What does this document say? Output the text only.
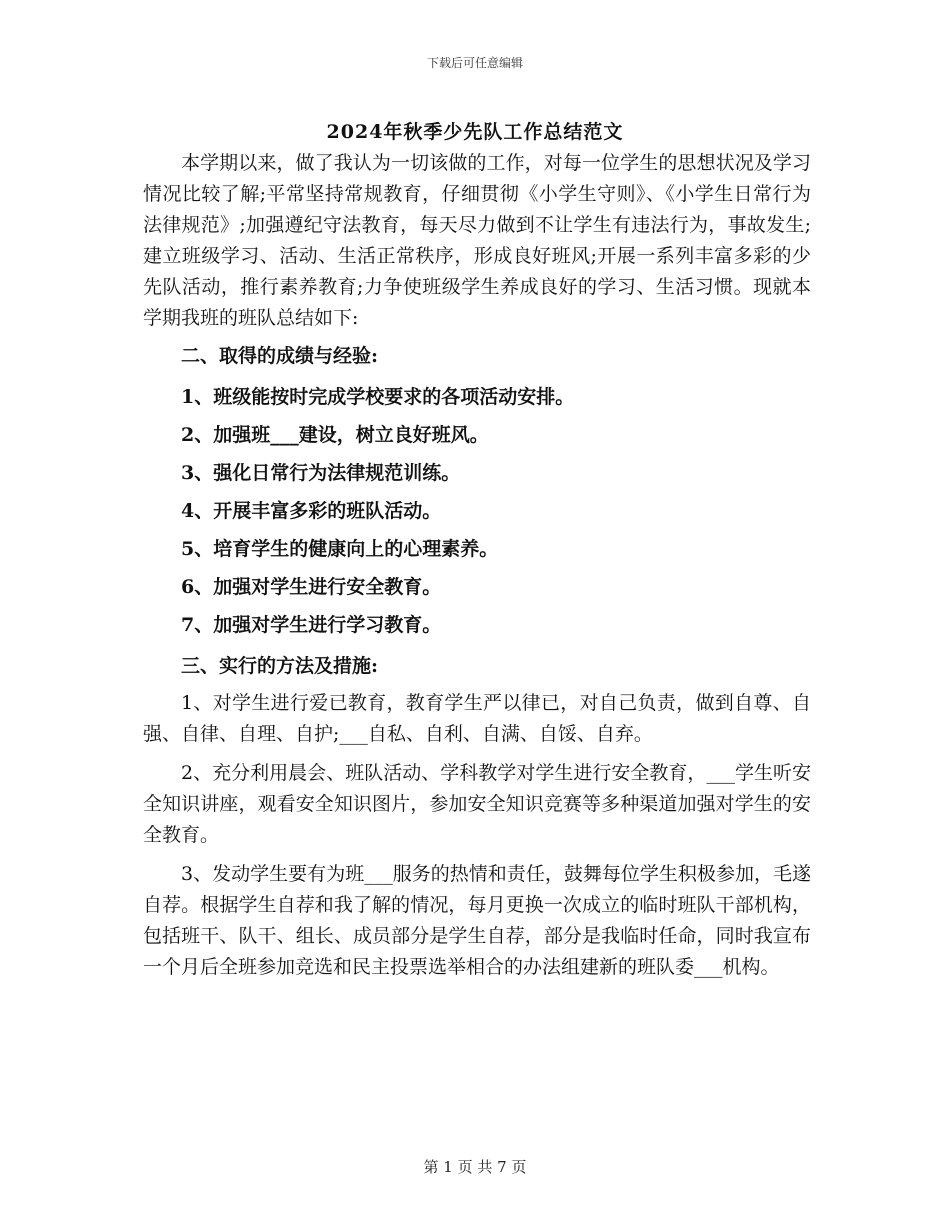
下载后可任意编辑
2024年秋季少先队工作总结范文

本学期以来，做了我认为一切该做的工作，对每一位学生的思想状况及学习情况比较了解;平常坚持常规教育，仔细贯彻《小学生守则》、《小学生日常行为法律规范》;加强遵纪守法教育，每天尽力做到不让学生有违法行为，事故发生;建立班级学习、活动、生活正常秩序，形成良好班风;开展一系列丰富多彩的少先队活动，推行素养教育;力争使班级学生养成良好的学习、生活习惯。现就本学期我班的班队总结如下:

二、取得的成绩与经验:

1、班级能按时完成学校要求的各项活动安排。

2、加强班___建设，树立良好班风。

3、强化日常行为法律规范训练。

4、开展丰富多彩的班队活动。

5、培育学生的健康向上的心理素养。

6、加强对学生进行安全教育。

7、加强对学生进行学习教育。

三、实行的方法及措施:

1、对学生进行爱已教育，教育学生严以律已，对自己负责，做到自尊、自强、自律、自理、自护;___自私、自利、自满、自馁、自弃。

2、充分利用晨会、班队活动、学科教学对学生进行安全教育，___学生听安全知识讲座，观看安全知识图片，参加安全知识竞赛等多种渠道加强对学生的安全教育。

3、发动学生要有为班___服务的热情和责任，鼓舞每位学生积极参加，毛遂自荐。根据学生自荐和我了解的情况，每月更换一次成立的临时班队干部机构，包括班干、队干、组长、成员部分是学生自荐，部分是我临时任命，同时我宣布一个月后全班参加竞选和民主投票选举相合的办法组建新的班队委___机构。

第 1 页 共 7 页
